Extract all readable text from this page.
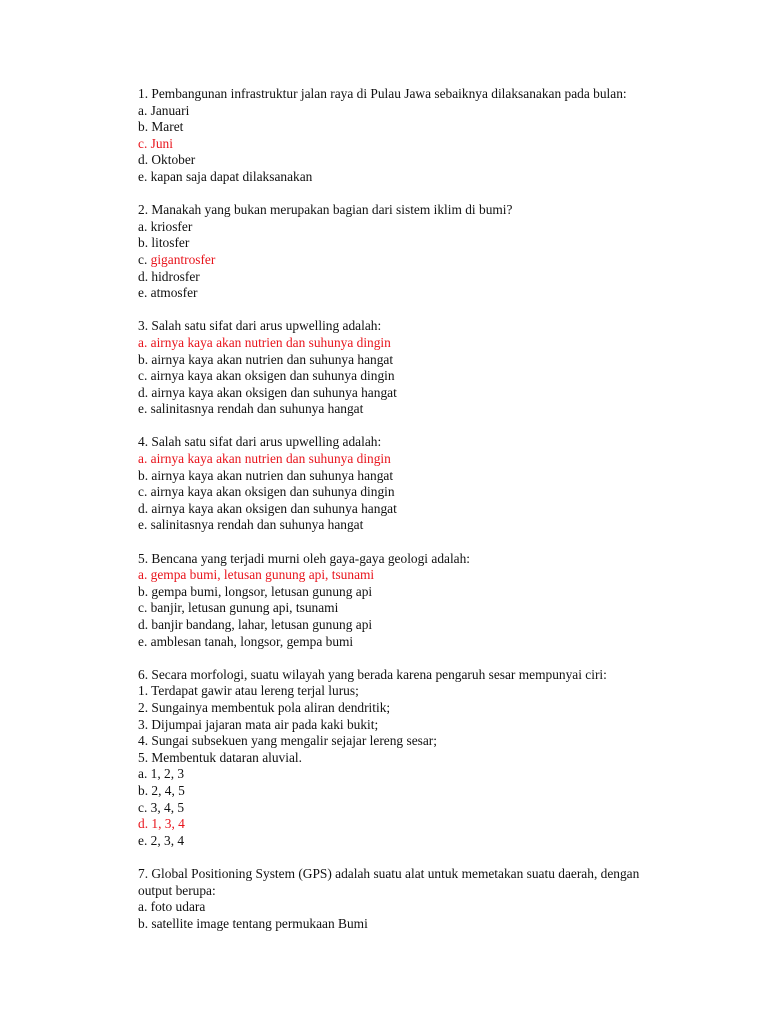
1. Pembangunan infrastruktur jalan raya di Pulau Jawa sebaiknya dilaksanakan pada bulan:
a. Januari
b. Maret
c. Juni
d. Oktober
e. kapan saja dapat dilaksanakan
2. Manakah yang bukan merupakan bagian dari sistem iklim di bumi?
a. kriosfer
b. litosfer
c. gigantrosfer
d. hidrosfer
e. atmosfer
3. Salah satu sifat dari arus upwelling adalah:
a. airnya kaya akan nutrien dan suhunya dingin
b. airnya kaya akan nutrien dan suhunya hangat
c. airnya kaya akan oksigen dan suhunya dingin
d. airnya kaya akan oksigen dan suhunya hangat
e. salinitasnya rendah dan suhunya hangat
4. Salah satu sifat dari arus upwelling adalah:
a. airnya kaya akan nutrien dan suhunya dingin
b. airnya kaya akan nutrien dan suhunya hangat
c. airnya kaya akan oksigen dan suhunya dingin
d. airnya kaya akan oksigen dan suhunya hangat
e. salinitasnya rendah dan suhunya hangat
5. Bencana yang terjadi murni oleh gaya-gaya geologi adalah:
a. gempa bumi, letusan gunung api, tsunami
b. gempa bumi, longsor, letusan gunung api
c. banjir, letusan gunung api, tsunami
d. banjir bandang, lahar, letusan gunung api
e. amblesan tanah, longsor, gempa bumi
6. Secara morfologi, suatu wilayah yang berada karena pengaruh sesar mempunyai ciri:
1. Terdapat gawir atau lereng terjal lurus;
2. Sungainya membentuk pola aliran dendritik;
3. Dijumpai jajaran mata air pada kaki bukit;
4. Sungai subsekuen yang mengalir sejajar lereng sesar;
5. Membentuk dataran aluvial.
a. 1, 2, 3
b. 2, 4, 5
c. 3, 4, 5
d. 1, 3, 4
e. 2, 3, 4
7. Global Positioning System (GPS) adalah suatu alat untuk memetakan suatu daerah, dengan
output berupa:
a. foto udara
b. satellite image tentang permukaan Bumi
